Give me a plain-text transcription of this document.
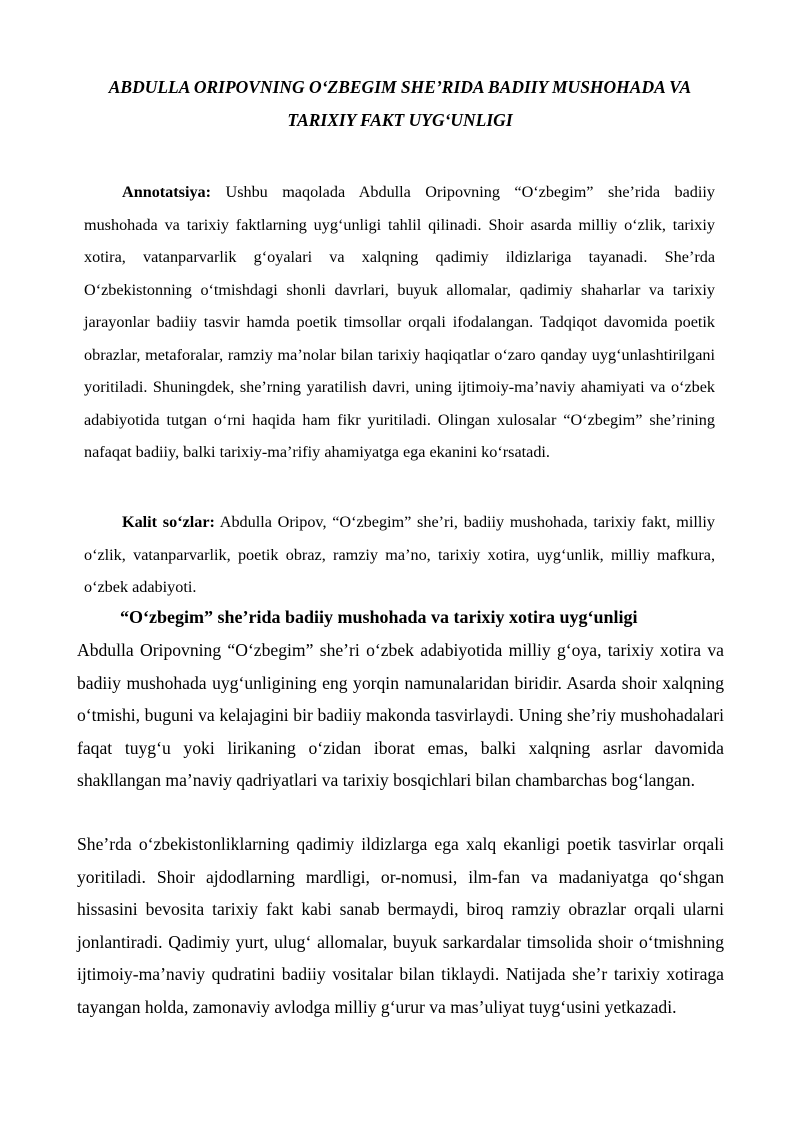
ABDULLA ORIPOVNING O‘ZBEGIM SHE’RIDA BADIIY MUSHOHADA VA
TARIXIY FAKT UYG‘UNLIGI

Annotatsiya: Ushbu maqolada Abdulla Oripovning “O‘zbegim” she’rida badiiy mushohada va tarixiy faktlarning uyg‘unligi tahlil qilinadi. Shoir asarda milliy o‘zlik, tarixiy xotira, vatanparvarlik g‘oyalari va xalqning qadimiy ildizlariga tayanadi. She’rda O‘zbekistonning o‘tmishdagi shonli davrlari, buyuk allomalar, qadimiy shaharlar va tarixiy jarayonlar badiiy tasvir hamda poetik timsollar orqali ifodalangan. Tadqiqot davomida poetik obrazlar, metaforalar, ramziy ma’nolar bilan tarixiy haqiqatlar o‘zaro qanday uyg‘unlashtirilgani yoritiladi. Shuningdek, she’rning yaratilish davri, uning ijtimoiy-ma’naviy ahamiyati va o‘zbek adabiyotida tutgan o‘rni haqida ham fikr yuritiladi. Olingan xulosalar “O‘zbegim” she’rining nafaqat badiiy, balki tarixiy-ma’rifiy ahamiyatga ega ekanini ko‘rsatadi.

Kalit so‘zlar: Abdulla Oripov, “O‘zbegim” she’ri, badiiy mushohada, tarixiy fakt, milliy o‘zlik, vatanparvarlik, poetik obraz, ramziy ma’no, tarixiy xotira, uyg‘unlik, milliy mafkura, o‘zbek adabiyoti.

“O‘zbegim” she’rida badiiy mushohada va tarixiy xotira uyg‘unligi

Abdulla Oripovning “O‘zbegim” she’ri o‘zbek adabiyotida milliy g‘oya, tarixiy xotira va badiiy mushohada uyg‘unligining eng yorqin namunalaridan biridir. Asarda shoir xalqning o‘tmishi, buguni va kelajagini bir badiiy makonda tasvirlaydi. Uning she’riy mushohadalari faqat tuyg‘u yoki lirikaning o‘zidan iborat emas, balki xalqning asrlar davomida shakllangan ma’naviy qadriyatlari va tarixiy bosqichlari bilan chambarchas bog‘langan.

She’rda o‘zbekistonliklarning qadimiy ildizlarga ega xalq ekanligi poetik tasvirlar orqali yoritiladi. Shoir ajdodlarning mardligi, or-nomusi, ilm-fan va madaniyatga qo‘shgan hissasini bevosita tarixiy fakt kabi sanab bermaydi, biroq ramziy obrazlar orqali ularni jonlantiradi. Qadimiy yurt, ulug‘ allomalar, buyuk sarkardalar timsolida shoir o‘tmishning ijtimoiy-ma’naviy qudratini badiiy vositalar bilan tiklaydi. Natijada she’r tarixiy xotiraga tayangan holda, zamonaviy avlodga milliy g‘urur va mas’uliyat tuyg‘usini yetkazadi.
